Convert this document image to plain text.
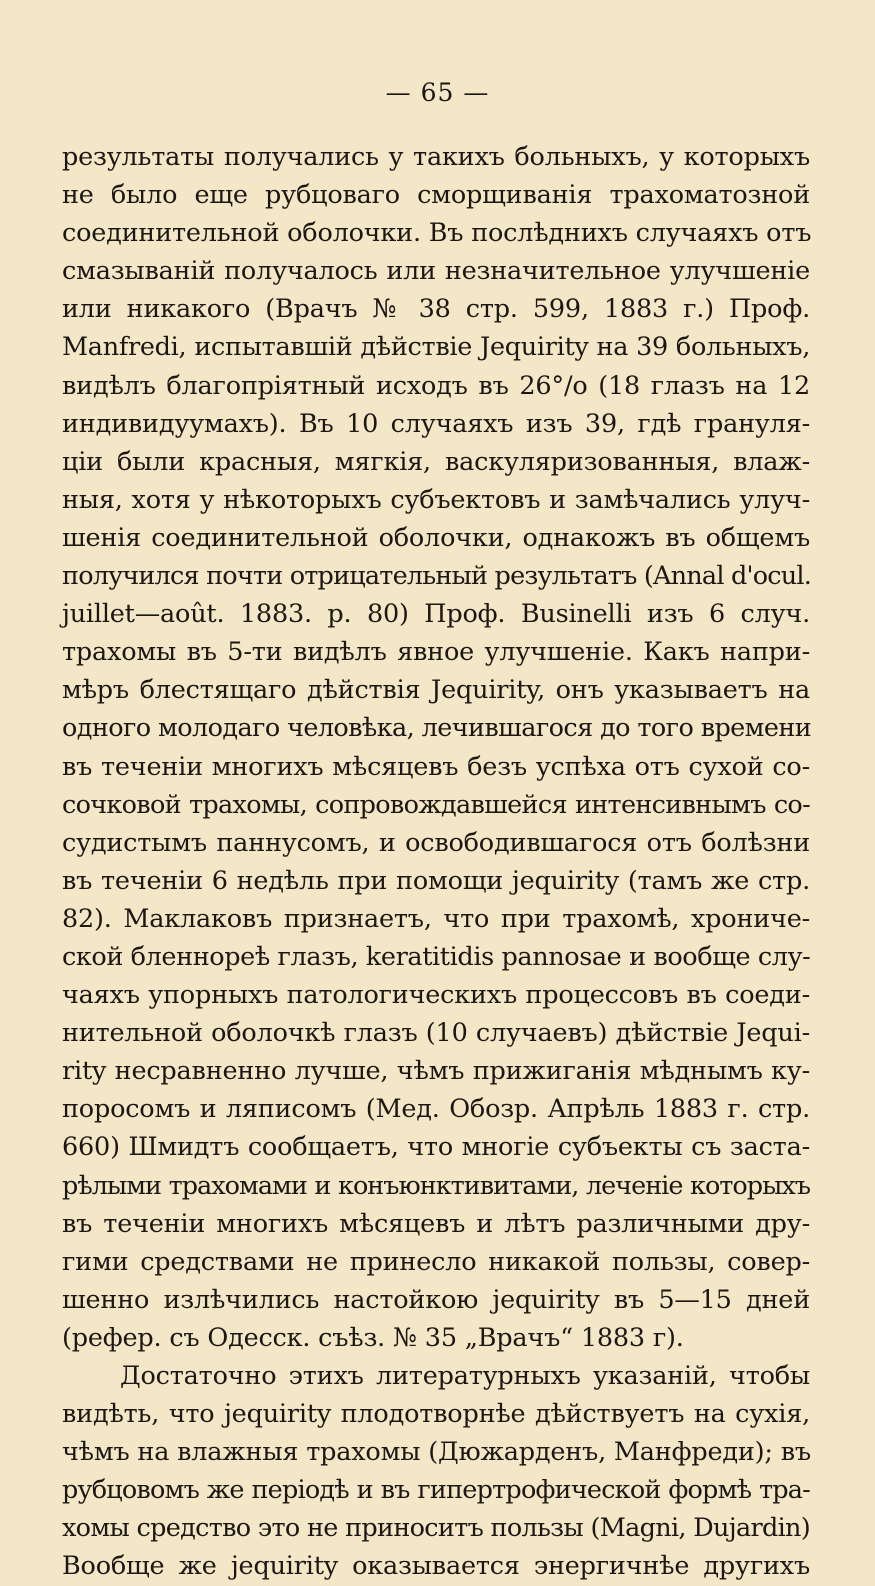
— 65 —
результаты получались у такихъ больныхъ, у которыхъ
не было еще рубцоваго сморщиванія трахоматозной
соединительной оболочки. Въ послѣднихъ случаяхъ отъ
смазываній получалось или незначительное улучшеніе
или никакого (Врачъ № 38 стр. 599, 1883 г.) Проф.
Manfredi, испытавшій дѣйствіе Jequirity на 39 больныхъ,
видѣлъ благопріятный исходъ въ 26°/o (18 глазъ на 12
индивидуумахъ). Въ 10 случаяхъ изъ 39, гдѣ грануля-
ціи были красныя, мягкія, васкуляризованныя, влаж-
ныя, хотя у нѣкоторыхъ субъектовъ и замѣчались улуч-
шенія соединительной оболочки, однакожъ въ общемъ
получился почти отрицательный результатъ (Annal d'ocul.
juillet—août. 1883. p. 80) Проф. Businelli изъ 6 случ.
трахомы въ 5-ти видѣлъ явное улучшеніе. Какъ напри-
мѣръ блестящаго дѣйствія Jequirity, онъ указываетъ на
одного молодаго человѣка, лечившагося до того времени
въ теченіи многихъ мѣсяцевъ безъ успѣха отъ сухой со-
сочковой трахомы, сопровождавшейся интенсивнымъ со-
судистымъ паннусомъ, и освободившагося отъ болѣзни
въ теченіи 6 недѣль при помощи jequirity (тамъ же стр.
82). Маклаковъ признаетъ, что при трахомѣ, хрониче-
ской бленнореѣ глазъ, keratitidis pannosae и вообще слу-
чаяхъ упорныхъ патологическихъ процессовъ въ соеди-
нительной оболочкѣ глазъ (10 случаевъ) дѣйствіе Jequi-
rity несравненно лучше, чѣмъ прижиганія мѣднымъ ку-
поросомъ и ляписомъ (Мед. Обозр. Апрѣль 1883 г. стр.
660) Шмидтъ сообщаетъ, что многіе субъекты съ заста-
рѣлыми трахомами и конъюнктивитами, леченіе которыхъ
въ теченіи многихъ мѣсяцевъ и лѣтъ различными дру-
гими средствами не принесло никакой пользы, совер-
шенно излѣчились настойкою jequirity въ 5—15 дней
(рефер. съ Одесск. съѣз. № 35 „Врачъ“ 1883 г).
Достаточно этихъ литературныхъ указаній, чтобы
видѣть, что jequirity плодотворнѣе дѣйствуетъ на сухія,
чѣмъ на влажныя трахомы (Дюжарденъ, Манфреди); въ
рубцовомъ же періодѣ и въ гипертрофической формѣ тра-
хомы средство это не приноситъ пользы (Magni, Dujardin)
Вообще же jequirity оказывается энергичнѣе другихъ
